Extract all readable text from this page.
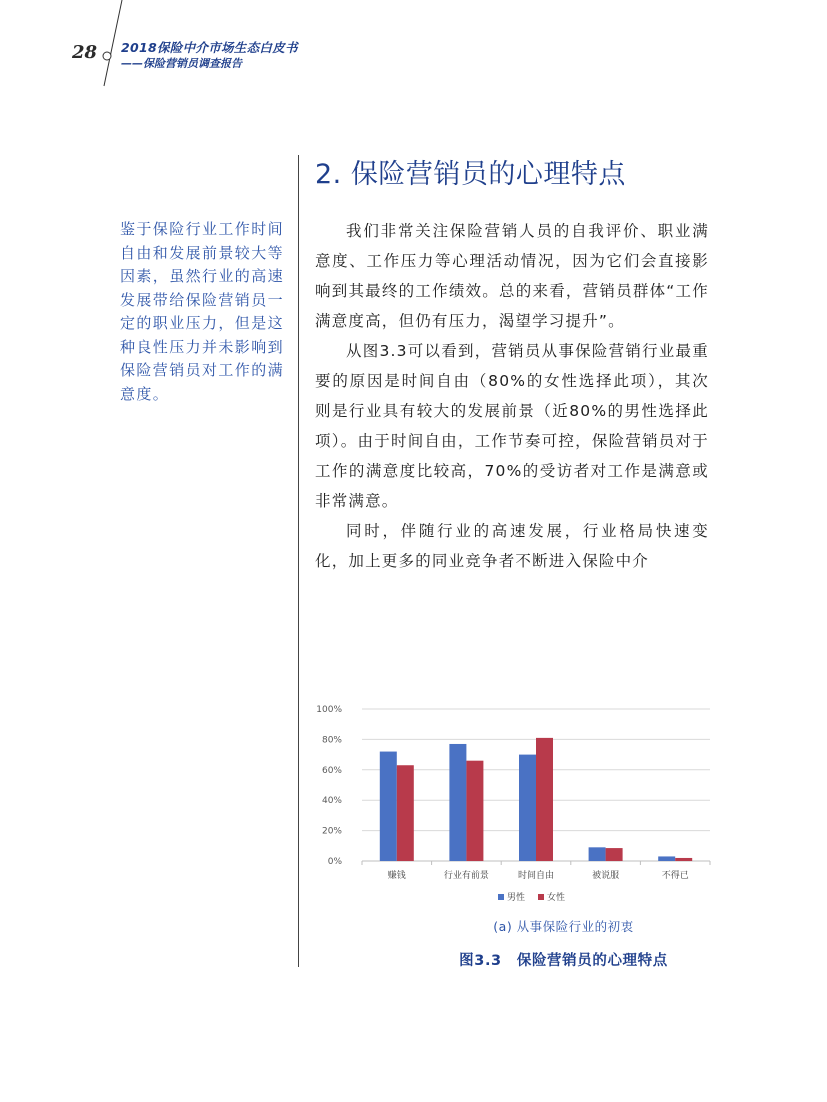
28 2018保险中介市场生态白皮书
——保险营销员调查报告
2. 保险营销员的心理特点
鉴于保险行业工作时间自由和发展前景较大等因素，虽然行业的高速发展带给保险营销员一定的职业压力，但是这种良性压力并未影响到保险营销员对工作的满意度。

我们非常关注保险营销人员的自我评价、职业满意度、工作压力等心理活动情况，因为它们会直接影响到其最终的工作绩效。总的来看，营销员群体“工作满意度高，但仍有压力，渴望学习提升”。

从图3.3可以看到，营销员从事保险营销行业最重要的原因是时间自由（80%的女性选择此项），其次则是行业具有较大的发展前景（近80%的男性选择此项）。由于时间自由，工作节奏可控，保险营销员对于工作的满意度比较高，70%的受访者对工作是满意或非常满意。

同时，伴随行业的高速发展，行业格局快速变化，加上更多的同业竞争者不断进入保险中介

0%
20%
40%
60%
80%
100%
赚钱	行业有前景	时间自由	被说服	不得已
男性 女性
(a) 从事保险行业的初衷
图3.3　保险营销员的心理特点
